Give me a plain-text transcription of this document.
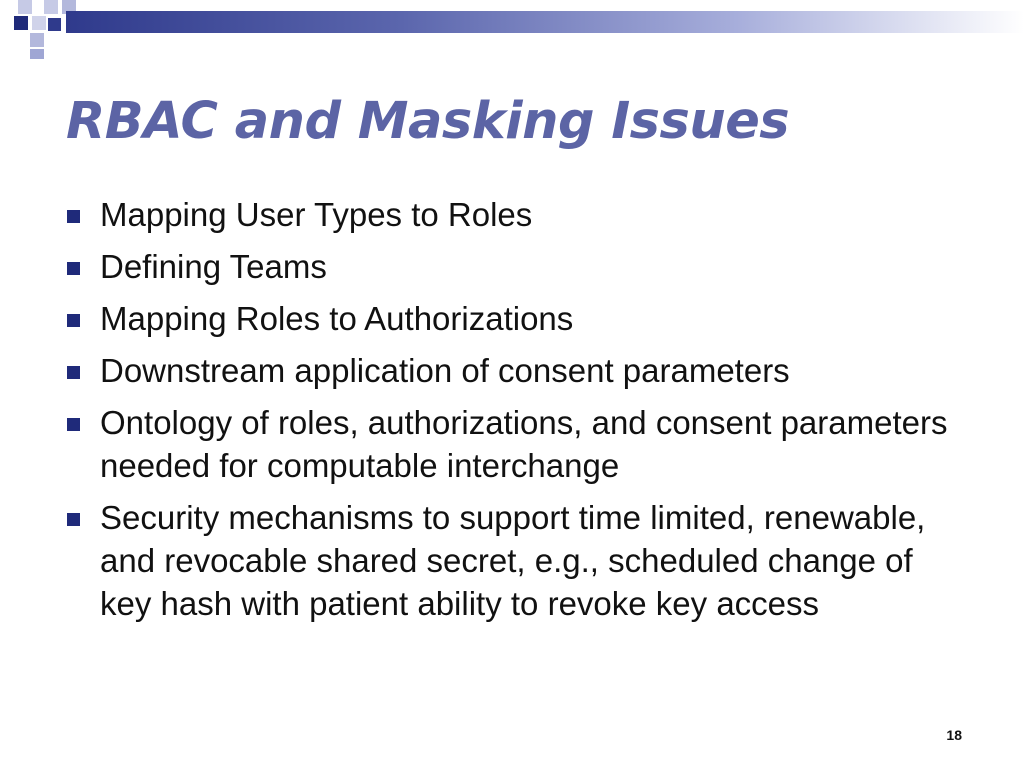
RBAC and Masking Issues
Mapping User Types to Roles
Defining Teams
Mapping Roles to Authorizations
Downstream application of consent parameters
Ontology of roles, authorizations, and consent parameters needed for computable interchange
Security mechanisms to support time limited, renewable, and revocable shared secret, e.g., scheduled change of key hash with patient ability to revoke key access
18
